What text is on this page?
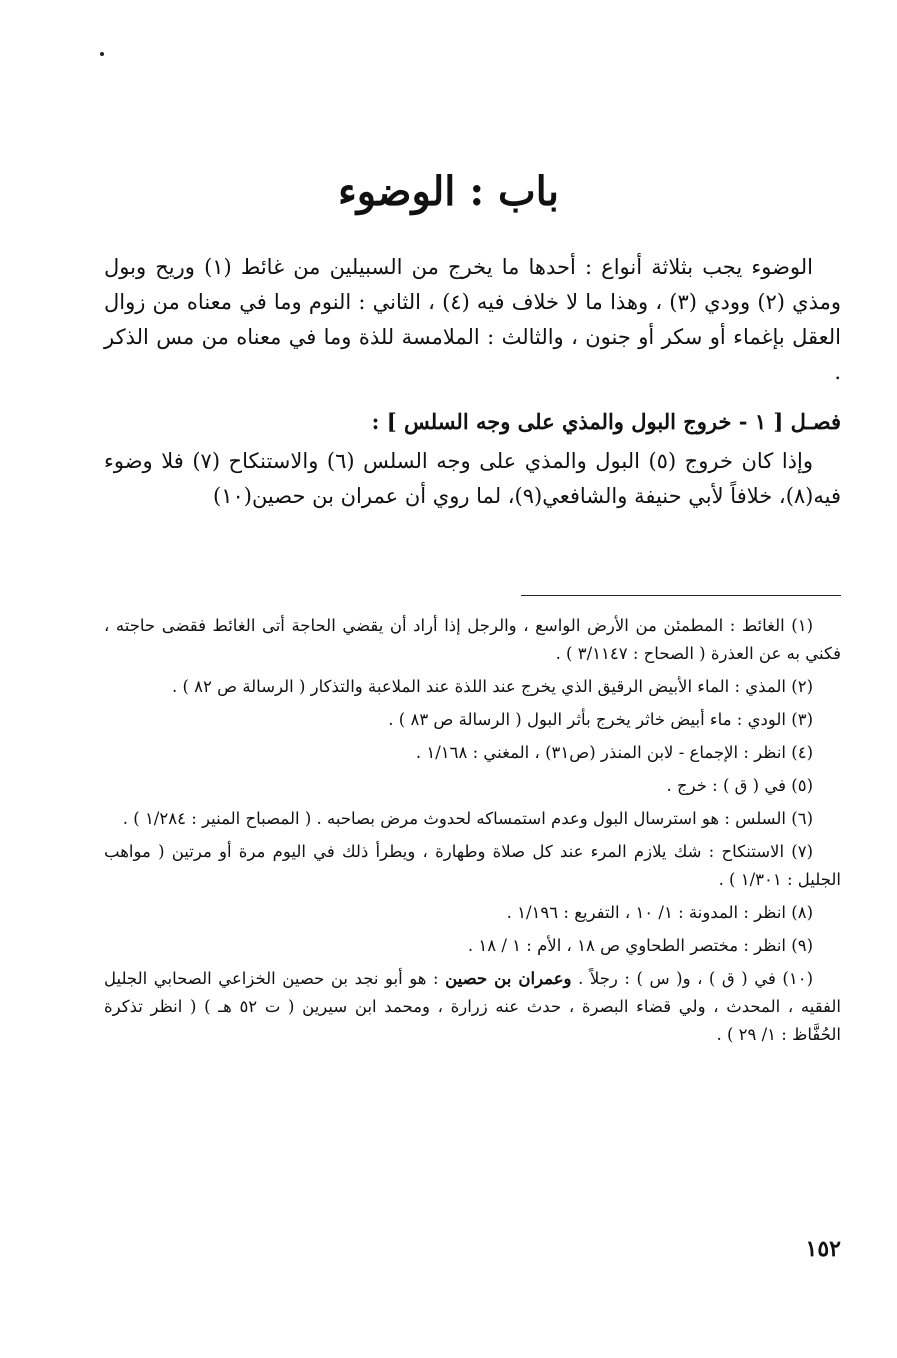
باب : الوضوء

الوضوء يجب بثلاثة أنواع : أحدها ما يخرج من السبيلين من غائط (١) وريح وبول ومذي (٢) وودي (٣) ، وهذا ما لا خلاف فيه (٤) ، الثاني : النوم وما في معناه من زوال العقل بإغماء أو سكر أو جنون ، والثالث : الملامسة للذة وما في معناه من مس الذكر .

فصـل [ ١ - خروج البول والمذي على وجه السلس ] :

وإذا كان خروج (٥) البول والمذي على وجه السلس (٦) والاستنكاح (٧) فلا وضوء فيه(٨)، خلافاً لأبي حنيفة والشافعي(٩)، لما روي أن عمران بن حصين(١٠)

(١) الغائط : المطمئن من الأرض الواسع ، والرجل إذا أراد أن يقضي الحاجة أتى الغائط فقضى حاجته ، فكني به عن العذرة ( الصحاح : ٣/١١٤٧ ) .

(٢) المذي : الماء الأبيض الرقيق الذي يخرج عند اللذة عند الملاعبة والتذكار ( الرسالة ص ٨٢ ) .

(٣) الودي : ماء أبيض خاثر يخرج بأثر البول ( الرسالة ص ٨٣ ) .

(٤) انظر : الإجماع - لابن المنذر (ص٣١) ، المغني : ١/١٦٨ .

(٥) في ( ق ) : خرج .

(٦) السلس : هو استرسال البول وعدم استمساكه لحدوث مرض بصاحبه . ( المصباح المنير : ١/٢٨٤ ) .

(٧) الاستنكاح : شك يلازم المرء عند كل صلاة وطهارة ، ويطرأ ذلك في اليوم مرة أو مرتين ( مواهب الجليل : ١/٣٠١ ) .

(٨) انظر : المدونة : ١/ ١٠ ، التفريع : ١/١٩٦ .

(٩) انظر : مختصر الطحاوي ص ١٨ ، الأم : ١ / ١٨ .

(١٠) في ( ق ) ، و( س ) : رجلاً . وعمران بن حصين : هو أبو نجد بن حصين الخزاعي الصحابي الجليل الفقيه ، المحدث ، ولي قضاء البصرة ، حدث عنه زرارة ، ومحمد ابن سيرين ( ت ٥٢ هـ ) ( انظر تذكرة الحُفَّاظ : ١/ ٢٩ ) .

١٥٢
